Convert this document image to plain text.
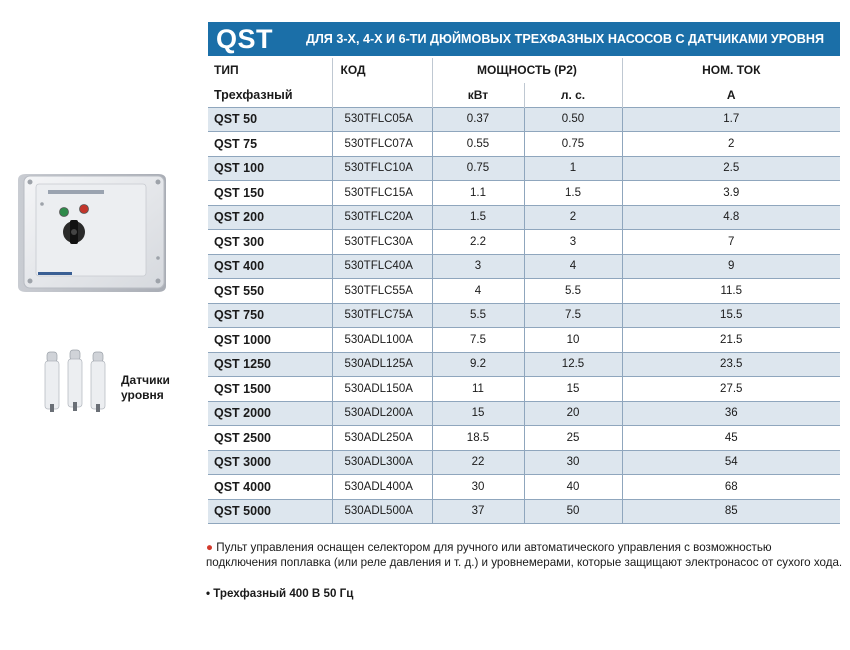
QST	ДЛЯ 3-Х, 4-Х И 6-ТИ ДЮЙМОВЫХ ТРЕХФАЗНЫХ НАСОСОВ С ДАТЧИКАМИ УРОВНЯ
Датчики
уровня
ТИП	КОД	МОЩНОСТЬ (P2)		НОМ. ТОК
Трехфазный		кВт	л. с.	А
QST 50	530TFLC05A	0.37	0.50	1.7
QST 75	530TFLC07A	0.55	0.75	2
QST 100	530TFLC10A	0.75	1	2.5
QST 150	530TFLC15A	1.1	1.5	3.9
QST 200	530TFLC20A	1.5	2	4.8
QST 300	530TFLC30A	2.2	3	7
QST 400	530TFLC40A	3	4	9
QST 550	530TFLC55A	4	5.5	11.5
QST 750	530TFLC75A	5.5	7.5	15.5
QST 1000	530ADL100A	7.5	10	21.5
QST 1250	530ADL125A	9.2	12.5	23.5
QST 1500	530ADL150A	11	15	27.5
QST 2000	530ADL200A	15	20	36
QST 2500	530ADL250A	18.5	25	45
QST 3000	530ADL300A	22	30	54
QST 4000	530ADL400A	30	40	68
QST 5000	530ADL500A	37	50	85
● Пульт управления оснащен селектором для ручного или автоматического управления с возможностью
подключения поплавка (или реле давления и т. д.) и уровнемерами, которые защищают электронасос от сухого хода.
• Трехфазный 400 В 50 Гц
